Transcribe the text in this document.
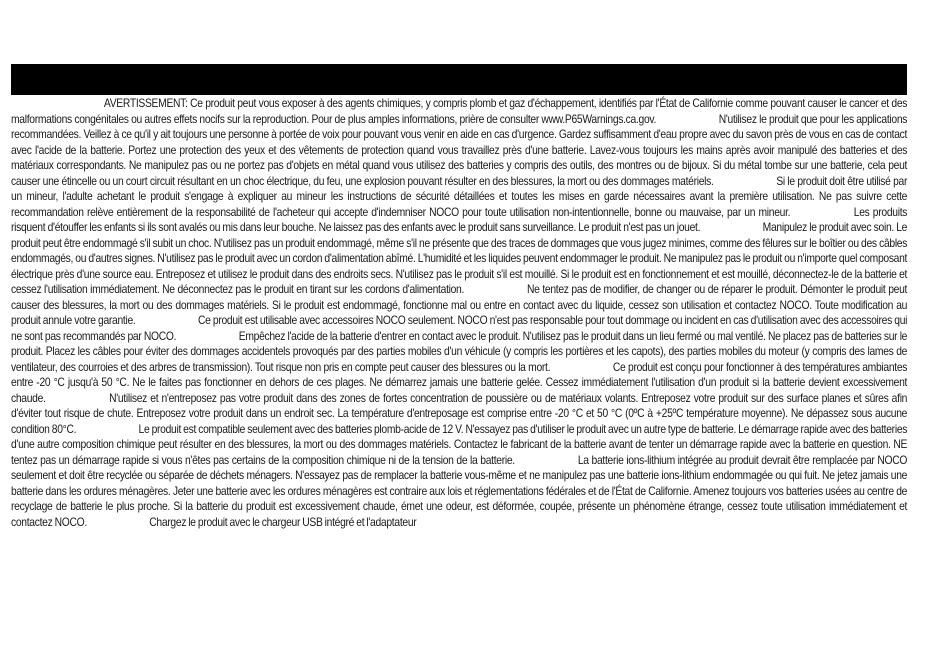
AVERTISSEMENT: Ce produit peut vous exposer à des agents chimiques, y compris plomb et gaz d'échappement, identifiés par l'État de Californie comme pouvant causer le cancer et des malformations congénitales ou autres effets nocifs sur la reproduction. Pour de plus amples informations, prière de consulter www.P65Warnings.ca.gov.	N'utilisez le produit que pour les applications recommandées. Veillez à ce qu'il y ait toujours une personne à portée de voix pour pouvant vous venir en aide en cas d'urgence. Gardez suffisamment d'eau propre avec du savon près de vous en cas de contact avec l'acide de la batterie. Portez une protection des yeux et des vêtements de protection quand vous travaillez près d'une batterie. Lavez-vous toujours les mains après avoir manipulé des batteries et des matériaux correspondants. Ne manipulez pas ou ne portez pas d'objets en métal quand vous utilisez des batteries y compris des outils, des montres ou de bijoux. Si du métal tombe sur une batterie, cela peut causer une étincelle ou un court circuit résultant en un choc électrique, du feu, une explosion pouvant résulter en des blessures, la mort ou des dommages matériels.	Si le produit doit être utilisé par un mineur, l'adulte achetant le produit s'engage à expliquer au mineur les instructions de sécurité détaillées et toutes les mises en garde nécessaires avant la première utilisation. Ne pas suivre cette recommandation relève entièrement de la responsabilité de l'acheteur qui accepte d'indemniser NOCO pour toute utilisation non-intentionnelle, bonne ou mauvaise, par un mineur.	Les produits risquent d'étouffer les enfants si ils sont avalés ou mis dans leur bouche. Ne laissez pas des enfants avec le produit sans surveillance. Le produit n'est pas un jouet.	Manipulez le produit avec soin. Le produit peut être endommagé s'il subit un choc. N'utilisez pas un produit endommagé, même s'il ne présente que des traces de dommages que vous jugez minimes, comme des fêlures sur le boîtier ou des câbles endommagés, ou d'autres signes. N'utilisez pas le produit avec un cordon d'alimentation abîmé. L'humidité et les liquides peuvent endommager le produit. Ne manipulez pas le produit ou n'importe quel composant électrique près d'une source eau. Entreposez et utilisez le produit dans des endroits secs. N'utilisez pas le produit s'il est mouillé. Si le produit est en fonctionnement et est mouillé, déconnectez-le de la batterie et cessez l'utilisation immédiatement. Ne déconnectez pas le produit en tirant sur les cordons d'alimentation.	Ne tentez pas de modifier, de changer ou de réparer le produit. Démonter le produit peut causer des blessures, la mort ou des dommages matériels. Si le produit est endommagé, fonctionne mal ou entre en contact avec du liquide, cessez son utilisation et contactez NOCO. Toute modification au produit annule votre garantie.	Ce produit est utilisable avec accessoires NOCO seulement. NOCO n'est pas responsable pour tout dommage ou incident en cas d'utilisation avec des accessoires qui ne sont pas recommandés par NOCO.	Empêchez l'acide de la batterie d'entrer en contact avec le produit. N'utilisez pas le produit dans un lieu fermé ou mal ventilé. Ne placez pas de batteries sur le produit. Placez les câbles pour éviter des dommages accidentels provoqués par des parties mobiles d'un véhicule (y compris les portières et les capots), des parties mobiles du moteur (y compris des lames de ventilateur, des courroies et des arbres de transmission). Tout risque non pris en compte peut causer des blessures ou la mort.	Ce produit est conçu pour fonctionner à des températures ambiantes entre -20 °C jusqu'à 50 °C. Ne le faites pas fonctionner en dehors de ces plages. Ne démarrez jamais une batterie gelée. Cessez immédiatement l'utilisation d'un produit si la batterie devient excessivement chaude.	N'utilisez et n'entreposez pas votre produit dans des zones de fortes concentration de poussière ou de matériaux volants. Entreposez votre produit sur des surface planes et sûres afin d'éviter tout risque de chute. Entreposez votre produit dans un endroit sec. La température d'entreposage est comprise entre -20 °C et 50 °C (0ºC à +25ºC température moyenne). Ne dépassez sous aucune condition 80°C.	Le produit est compatible seulement avec des batteries plomb-acide de 12 V. N'essayez pas d'utiliser le produit avec un autre type de batterie. Le démarrage rapide avec des batteries d'une autre composition chimique peut résulter en des blessures, la mort ou des dommages matériels. Contactez le fabricant de la batterie avant de tenter un démarrage rapide avec la batterie en question. NE tentez pas un démarrage rapide si vous n'êtes pas certains de la composition chimique ni de la tension de la batterie.	La batterie ions-lithium intégrée au produit devrait être remplacée par NOCO seulement et doit être recyclée ou séparée de déchets ménagers. N'essayez pas de remplacer la batterie vous-même et ne manipulez pas une batterie ions-lithium endommagée ou qui fuit. Ne jetez jamais une batterie dans les ordures ménagères. Jeter une batterie avec les ordures ménagères est contraire aux lois et réglementations fédérales et de l'État de Californie. Amenez toujours vos batteries usées au centre de recyclage de batterie le plus proche. Si la batterie du produit est excessivement chaude, émet une odeur, est déformée, coupée, présente un phénomène étrange, cessez toute utilisation immédiatement et contactez NOCO.	Chargez le produit avec le chargeur USB intégré et l'adaptateur
